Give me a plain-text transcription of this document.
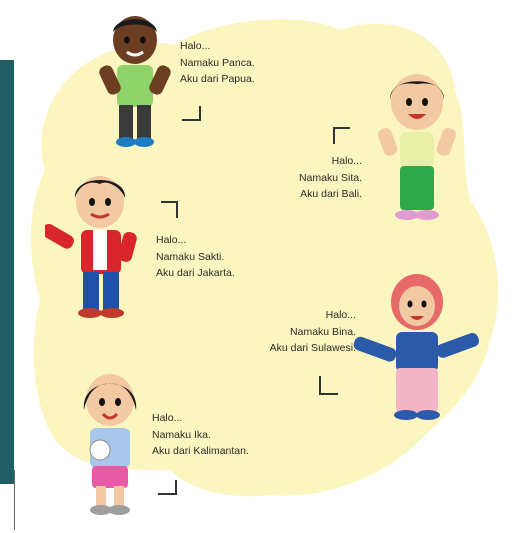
Halo...
Namaku Panca.
Aku dari Papua.
Halo...
Namaku Sita.
Aku dari Bali.
Halo...
Namaku Sakti.
Aku dari Jakarta.
Halo...
Namaku Bina.
Aku dari Sulawesi.
Halo...
Namaku Ika.
Aku dari Kalimantan.
